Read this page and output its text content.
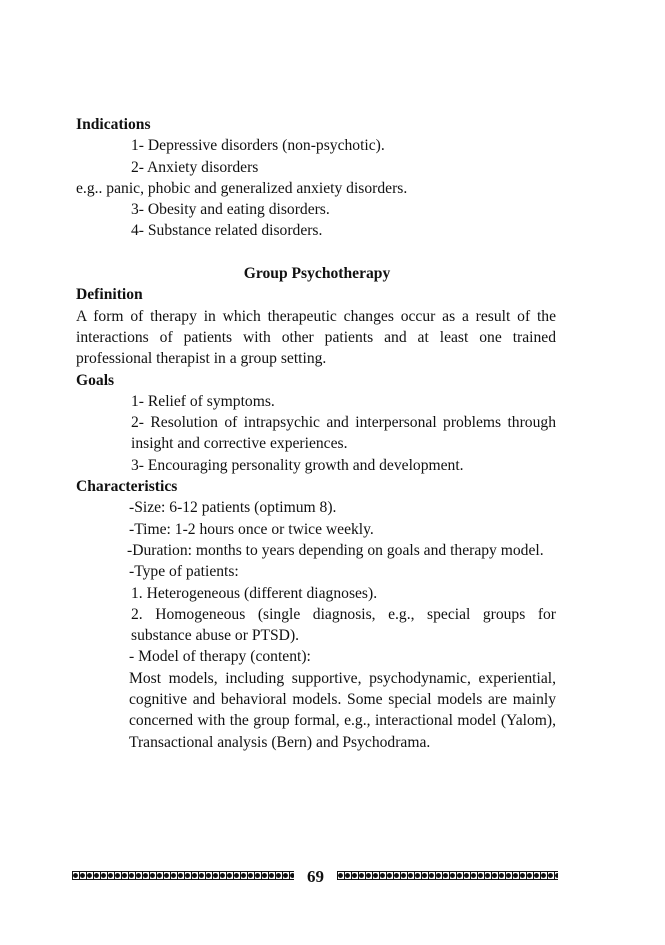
Indications

1- Depressive disorders (non-psychotic).

2- Anxiety disorders

e.g.. panic, phobic and generalized anxiety disorders.

3- Obesity and eating disorders.

4- Substance related disorders.

Group Psychotherapy

Definition

A form of therapy in which therapeutic changes occur as a result of the interactions of patients with other patients and at least one trained professional therapist in a group setting.

Goals

1- Relief of symptoms.

2- Resolution of intrapsychic and interpersonal problems through insight and corrective experiences.

3- Encouraging personality growth and development.

Characteristics

-Size: 6-12 patients (optimum 8).

-Time: 1-2 hours once or twice weekly.

-Duration: months to years depending on goals and therapy model.

-Type of patients:

1. Heterogeneous (different diagnoses).

2. Homogeneous (single diagnosis, e.g., special groups for substance abuse or PTSD).

- Model of therapy (content):

Most models, including supportive, psychodynamic, experiential, cognitive and behavioral models. Some special models are mainly concerned with the group formal, e.g., interactional model (Yalom), Transactional analysis (Bern) and Psychodrama.

69
